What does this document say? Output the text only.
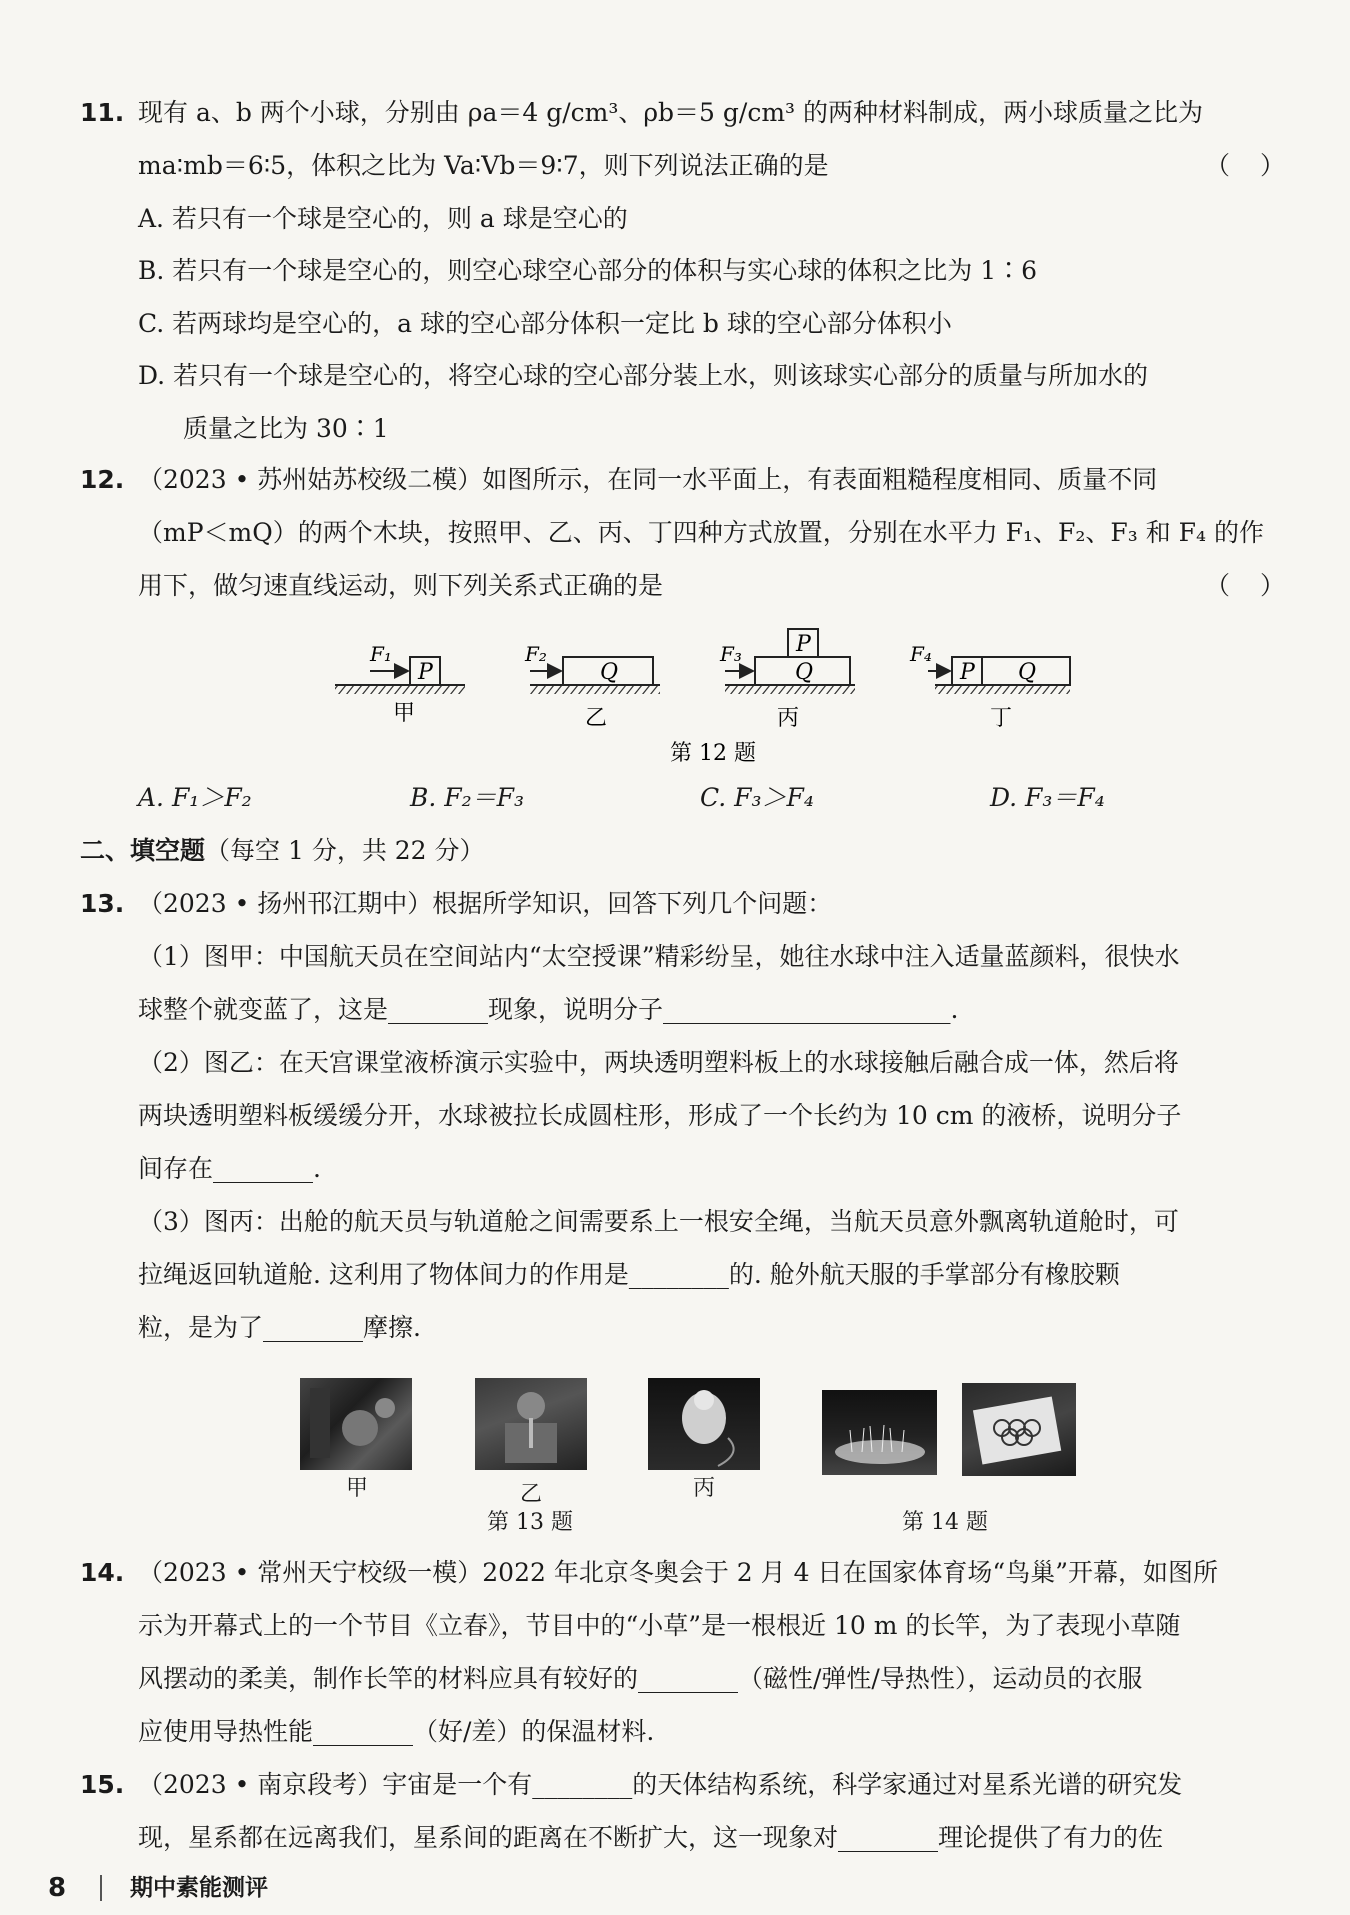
11. 现有 a、b 两个小球，分别由 ρa＝4 g/cm³、ρb＝5 g/cm³ 的两种材料制成，两小球质量之比为
ma∶mb＝6∶5，体积之比为 Va∶Vb＝9∶7，则下列说法正确的是	（ ）
A. 若只有一个球是空心的，则 a 球是空心的
B. 若只有一个球是空心的，则空心球空心部分的体积与实心球的体积之比为 1∶6
C. 若两球均是空心的，a 球的空心部分体积一定比 b 球的空心部分体积小
D. 若只有一个球是空心的，将空心球的空心部分装上水，则该球实心部分的质量与所加水的
质量之比为 30∶1
12. （2023 • 苏州姑苏校级二模）如图所示，在同一水平面上，有表面粗糙程度相同、质量不同
（mP＜mQ）的两个木块，按照甲、乙、丙、丁四种方式放置，分别在水平力 F₁、F₂、F₃ 和 F₄ 的作
用下，做匀速直线运动，则下列关系式正确的是	（ ）
P
F₁
甲
Q
F₂
乙
Q
P
F₃
丙
P Q
F₄
丁
第 12 题
A. F₁＞F₂	B. F₂＝F₃	C. F₃＞F₄	D. F₃＝F₄
二、填空题（每空 1 分，共 22 分）
13. （2023 • 扬州邗江期中）根据所学知识，回答下列几个问题：
（1）图甲：中国航天员在空间站内“太空授课”精彩纷呈，她往水球中注入适量蓝颜料，很快水
球整个就变蓝了，这是________现象，说明分子_______________________.
（2）图乙：在天宫课堂液桥演示实验中，两块透明塑料板上的水球接触后融合成一体，然后将
两块透明塑料板缓缓分开，水球被拉长成圆柱形，形成了一个长约为 10 cm 的液桥，说明分子
间存在________.
（3）图丙：出舱的航天员与轨道舱之间需要系上一根安全绳，当航天员意外飘离轨道舱时，可
拉绳返回轨道舱. 这利用了物体间力的作用是________的. 舱外航天服的手掌部分有橡胶颗
粒，是为了________摩擦.
甲	乙	丙
第 13 题	第 14 题
14. （2023 • 常州天宁校级一模）2022 年北京冬奥会于 2 月 4 日在国家体育场“鸟巢”开幕，如图所
示为开幕式上的一个节目《立春》，节目中的“小草”是一根根近 10 m 的长竿，为了表现小草随
风摆动的柔美，制作长竿的材料应具有较好的________（磁性/弹性/导热性），运动员的衣服
应使用导热性能________（好/差）的保温材料.
15. （2023 • 南京段考）宇宙是一个有________的天体结构系统，科学家通过对星系光谱的研究发
现，星系都在远离我们，星系间的距离在不断扩大，这一现象对________理论提供了有力的佐
8	期中素能测评
